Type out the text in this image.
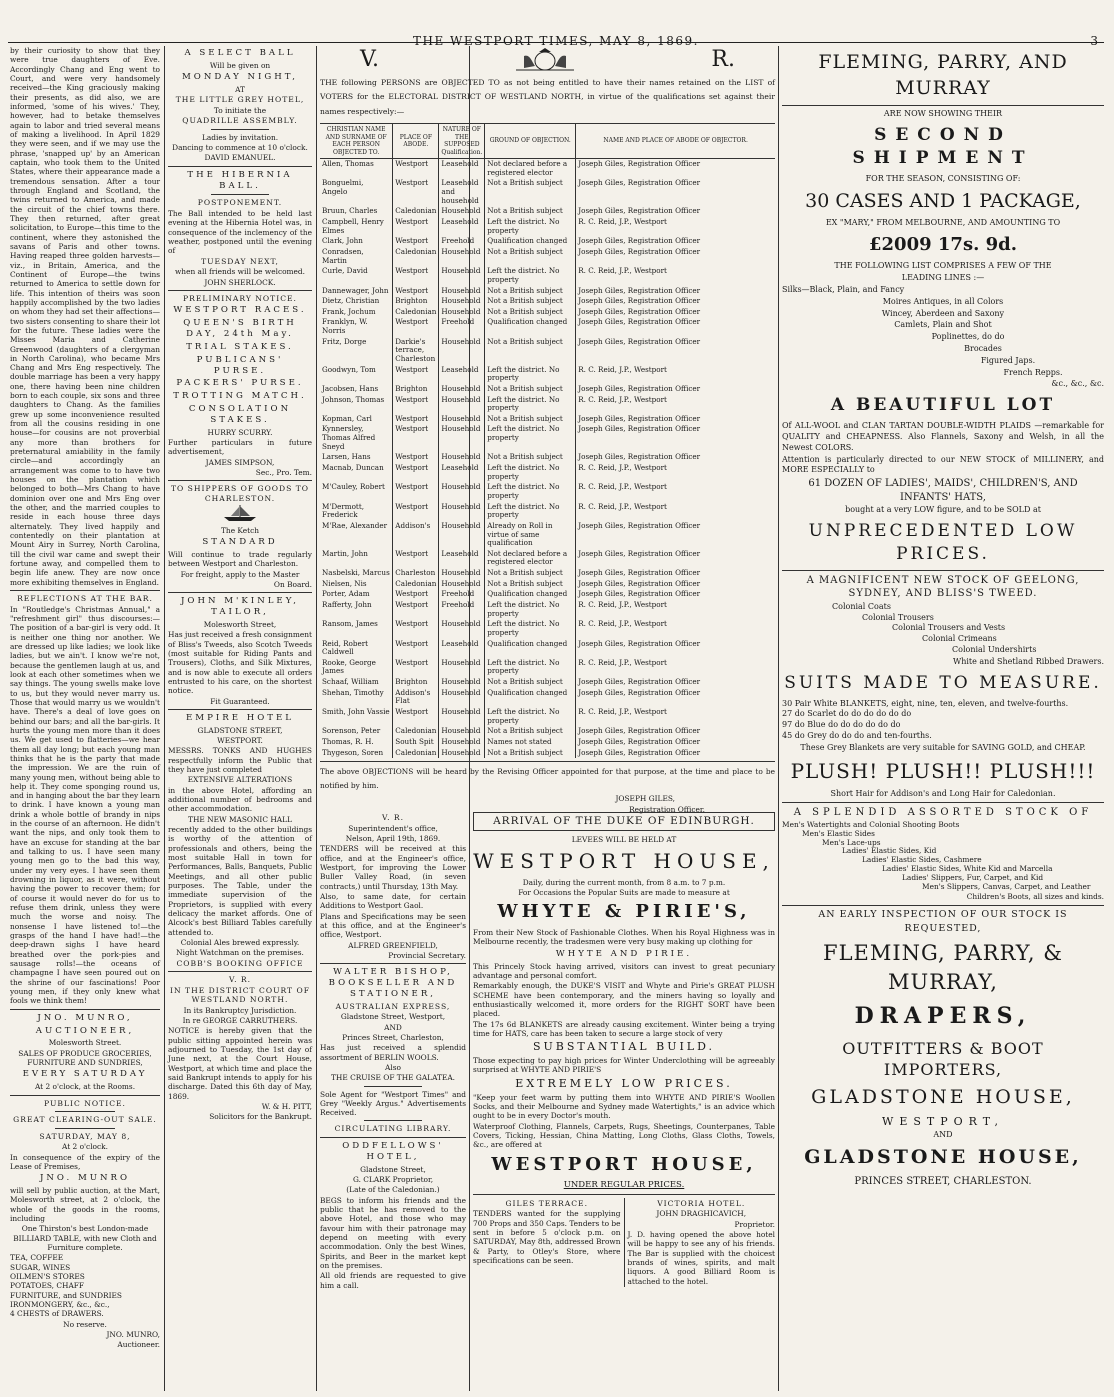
THE WESTPORT TIMES, MAY 8, 1869.	3

by their curiosity to show that they were true daughters of Eve. Accordingly Chang and Eng went to Court, and were very handsomely received—the King graciously making their presents, as did also, we are informed, 'some of his wives.' They, however, had to betake themselves again to labor and tried several means of making a livelihood. In April 1829 they were seen, and if we may use the phrase, 'snapped up' by an American captain, who took them to the United States, where their appearance made a tremendous sensation. After a tour through England and Scotland, the twins returned to America, and made the circuit of the chief towns there. They then returned, after great solicitation, to Europe—this time to the continent, where they astonished the savans of Paris and other towns. Having reaped three golden harvests—viz., in Britain, America, and the Continent of Europe—the twins returned to America to settle down for life. This intention of theirs was soon happily accomplished by the two ladies on whom they had set their affections—two sisters consenting to share their lot for the future. These ladies were the Misses Maria and Catherine Greenwood (daughters of a clergyman in North Carolina), who became Mrs Chang and Mrs Eng respectively. The double marriage has been a very happy one, there having been nine children born to each couple, six sons and three daughters to Chang. As the families grew up some inconvenience resulted from all the cousins residing in one house—for cousins are not proverbial any more than brothers for preternatural amiability in the family circle—and accordingly an arrangement was come to to have two houses on the plantation which belonged to both—Mrs Chang to have dominion over one and Mrs Eng over the other, and the married couples to reside in each house three days alternately. They lived happily and contentedly on their plantation at Mount Airy in Surrey, North Carolina, till the civil war came and swept their fortune away, and compelled them to begin life anew. They are now once more exhibiting themselves in England.

REFLECTIONS AT THE BAR.

In "Routledge's Christmas Annual," a "refreshment girl" thus discourses:—The position of a bar-girl is very odd. It is neither one thing nor another. We are dressed up like ladies; we look like ladies, but we ain't. I know we're not, because the gentlemen laugh at us, and look at each other sometimes when we say things. The young swells make love to us, but they would never marry us. Those that would marry us we wouldn't have. There's a deal of love goes on behind our bars; and all the bar-girls. It hurts the young men more than it does us. We get used to flatteries—we hear them all day long; but each young man thinks that he is the party that made the impression. We are the ruin of many young men, without being able to help it. They come sponging round us, and in hanging about the bar they learn to drink. I have known a young man drink a whole bottle of brandy in nips in the course of an afternoon. He didn't want the nips, and only took them to have an excuse for standing at the bar and talking to us. I have seen many young men go to the bad this way, under my very eyes. I have seen them drowning in liquor, as it were, without having the power to recover them; for of course it would never do for us to refuse them drink, unless they were much the worse and noisy. The nonsense I have listened to!—the grasps of the hand I have had!—the deep-drawn sighs I have heard breathed over the pork-pies and sausage rolls!—the oceans of champagne I have seen poured out on the shrine of our fascinations! Poor young men, if they only knew what fools we think them!

JNO. MUNRO,
AUCTIONEER,
Molesworth Street.
SALES OF PRODUCE GROCERIES, FURNITURE AND SUNDRIES,
EVERY SATURDAY
At 2 o'clock, at the Rooms.
PUBLIC NOTICE.
GREAT CLEARING-OUT SALE.
SATURDAY, MAY 8,
At 2 o'clock.

In consequence of the expiry of the Lease of Premises,

JNO. MUNRO

will sell by public auction, at the Mart, Molesworth street, at 2 o'clock, the whole of the goods in the rooms, including

One Thirston's best London-made BILLIARD TABLE, with new Cloth and Furniture complete.
TEA, COFFEE
SUGAR, WINES
OILMEN'S STORES
POTATOES, CHAFF
FURNITURE, and SUNDRIES
IRONMONGERY, &c., &c.,
4 CHESTS of DRAWERS.
No reserve.
JNO. MUNRO,
Auctioneer.
A SELECT BALL
Will be given on
MONDAY NIGHT,
AT
THE LITTLE GREY HOTEL,
To initiate the
QUADRILLE ASSEMBLY.
Ladies by invitation.
Dancing to commence at 10 o'clock.
DAVID EMANUEL.
THE HIBERNIA BALL.
POSTPONEMENT.

The Ball intended to be held last evening at the Hibernia Hotel was, in consequence of the inclemency of the weather, postponed until the evening of

TUESDAY NEXT,
when all friends will be welcomed.
JOHN SHERLOCK.
PRELIMINARY NOTICE.
WESTPORT RACES.
QUEEN'S BIRTH DAY, 24th May.
TRIAL STAKES.
PUBLICANS' PURSE.
PACKERS' PURSE.
TROTTING MATCH.
CONSOLATION STAKES.
HURRY SCURRY.

Further particulars in future advertisement,

JAMES SIMPSON,
Sec., Pro. Tem.
TO SHIPPERS OF GOODS TO CHARLESTON.
The Ketch
STANDARD

Will continue to trade regularly between Westport and Charleston.

For freight, apply to the Master
On Board.
JOHN M'KINLEY, TAILOR,
Molesworth Street,

Has just received a fresh consignment of Bliss's Tweeds, also Scotch Tweeds (most suitable for Riding Pants and Trousers), Cloths, and Silk Mixtures, and is now able to execute all orders entrusted to his care, on the shortest notice.

Fit Guaranteed.
EMPIRE HOTEL
GLADSTONE STREET,
WESTPORT.

MESSRS. TONKS AND HUGHES respectfully inform the Public that they have just completed

EXTENSIVE ALTERATIONS

in the above Hotel, affording an additional number of bedrooms and other accommodation.

THE NEW MASONIC HALL

recently added to the other buildings is worthy of the attention of professionals and others, being the most suitable Hall in town for Performances, Balls, Banquets, Public Meetings, and all other public purposes. The Table, under the immediate supervision of the Proprietors, is supplied with every delicacy the market affords. One of Alcock's best Billiard Tables carefully attended to.

Colonial Ales brewed expressly.
Night Watchman on the premises.
COBB'S BOOKING OFFICE
V. R.
IN THE DISTRICT COURT OF WESTLAND NORTH.
In its Bankruptcy Jurisdiction.
In re GEORGE CARRUTHERS.

NOTICE is hereby given that the public sitting appointed herein was adjourned to Tuesday, the 1st day of June next, at the Court House, Westport, at which time and place the said Bankrupt intends to apply for his discharge. Dated this 6th day of May, 1869.

W. & H. PITT,
Solicitors for the Bankrupt.
V.	R.

THE following PERSONS are OBJECTED TO as not being entitled to have their names retained on the LIST of VOTERS for the ELECTORAL DISTRICT OF WESTLAND NORTH, in virtue of the qualifications set against their names respectively:—

CHRISTIAN NAME AND SURNAME OF EACH PERSON OBJECTED TO.	PLACE OF ABODE.	NATURE OF THE SUPPOSED Qualification.	GROUND OF OBJECTION.	NAME AND PLACE OF ABODE OF OBJECTOR.
Allen, Thomas	Westport	Leasehold	Not declared before a registered elector	Joseph Giles, Registration Officer
Bonguelmi, Angelo	Westport	Leasehold and household	Not a British subject	Joseph Giles, Registration Officer
Bruun, Charles	Caledonian	Household	Not a British subject	Joseph Giles, Registration Officer
Campbell, Henry Elmes	Westport	Leasehold	Left the district. No property	R. C. Reid, J.P., Westport
Clark, John	Westport	Freehold	Qualification changed	Joseph Giles, Registration Officer
Conradsen, Martin	Caledonian	Household	Not a British subject	Joseph Giles, Registration Officer
Curle, David	Westport	Household	Left the district. No property	R. C. Reid, J.P., Westport
Dannewager, John	Westport	Household	Not a British subject	Joseph Giles, Registration Officer
Dietz, Christian	Brighton	Household	Not a British subject	Joseph Giles, Registration Officer
Frank, Jochum	Caledonian	Household	Not a British subject	Joseph Giles, Registration Officer
Franklyn, W. Norris	Westport	Freehold	Qualification changed	Joseph Giles, Registration Officer
Fritz, Dorge	Darkie's terrace, Charleston	Household	Not a British subject	Joseph Giles, Registration Officer
Goodwyn, Tom	Westport	Leasehold	Left the district. No property	R. C. Reid, J.P., Westport
Jacobsen, Hans	Brighton	Household	Not a British subject	Joseph Giles, Registration Officer
Johnson, Thomas	Westport	Household	Left the district. No property	R. C. Reid, J.P., Westport
Kopman, Carl	Westport	Household	Not a British subject	Joseph Giles, Registration Officer
Kynnersley, Thomas Alfred Sneyd	Westport	Household	Left the district. No property	Joseph Giles, Registration Officer
Larsen, Hans	Westport	Household	Not a British subject	Joseph Giles, Registration Officer
Macnab, Duncan	Westport	Leasehold	Left the district. No property	R. C. Reid, J.P., Westport
M'Cauley, Robert	Westport	Household	Left the district. No property	R. C. Reid, J.P., Westport
M'Dermott, Frederick	Westport	Household	Left the district. No property	R. C. Reid, J.P., Westport
M'Rae, Alexander	Addison's	Household	Already on Roll in virtue of same qualification	Joseph Giles, Registration Officer
Martin, John	Westport	Leasehold	Not declared before a registered elector	Joseph Giles, Registration Officer
Nasbelski, Marcus	Charleston	Household	Not a British subject	Joseph Giles, Registration Officer
Nielsen, Nis	Caledonian	Household	Not a British subject	Joseph Giles, Registration Officer
Porter, Adam	Westport	Freehold	Qualification changed	Joseph Giles, Registration Officer
Rafferty, John	Westport	Freehold	Left the district. No property	R. C. Reid, J.P., Westport
Ransom, James	Westport	Household	Left the district. No property	R. C. Reid, J.P., Westport
Reid, Robert Caldwell	Westport	Leasehold	Qualification changed	Joseph Giles, Registration Officer
Rooke, George James	Westport	Household	Left the district. No property	R. C. Reid, J.P., Westport
Schaaf, William	Brighton	Household	Not a British subject	Joseph Giles, Registration Officer
Shehan, Timothy	Addison's Flat	Household	Qualification changed	Joseph Giles, Registration Officer
Smith, John Vassie	Westport	Household	Left the district. No property	R. C. Reid, J.P., Westport
Sorenson, Peter	Caledonian	Household	Not a British subject	Joseph Giles, Registration Officer
Thomas, R. H.	South Spit	Household	Names not stated	Joseph Giles, Registration Officer
Thygeson, Soren	Caledonian	Household	Not a British subject	Joseph Giles, Registration Officer

The above OBJECTIONS will be heard by the Revising Officer appointed for that purpose, at the time and place to be notified by him.

JOSEPH GILES,
Registration Officer.
V. R.
Superintendent's office,
Nelson, April 19th, 1869.

TENDERS will be received at this office, and at the Engineer's office, Westport, for improving the Lower Buller Valley Road, (in seven contracts,) until Thursday, 13th May.

Also, to same date, for certain Additions to Westport Gaol.

Plans and Specifications may be seen at this office, and at the Engineer's office, Westport.

ALFRED GREENFIELD,
Provincial Secretary.
WALTER BISHOP, BOOKSELLER AND STATIONER,
AUSTRALIAN EXPRESS,
Gladstone Street, Westport,
AND
Princes Street, Charleston,

Has just received a splendid assortment of BERLIN WOOLS.

Also
THE CRUISE OF THE GALATEA.

Sole Agent for "Westport Times" and Grey "Weekly Argus." Advertisements Received.

CIRCULATING LIBRARY.
ODDFELLOWS' HOTEL,
Gladstone Street,
G. CLARK Proprietor,
(Late of the Caledonian.)

BEGS to inform his friends and the public that he has removed to the above Hotel, and those who may favour him with their patronage may depend on meeting with every accommodation. Only the best Wines, Spirits, and Beer in the market kept on the premises.

All old friends are requested to give him a call.

ARRIVAL OF THE DUKE OF EDINBURGH.
LEVEES WILL BE HELD AT
WESTPORT HOUSE,
Daily, during the current month, from 8 a.m. to 7 p.m.
For Occasions the Popular Suits are made to measure at
WHYTE & PIRIE'S,

From their New Stock of Fashionable Clothes. When his Royal Highness was in Melbourne recently, the tradesmen were very busy making up clothing for

WHYTE AND PIRIE.

This Princely Stock having arrived, visitors can invest to great pecuniary advantage and personal comfort.

Remarkably enough, the DUKE'S VISIT and Whyte and Pirie's GREAT PLUSH SCHEME have been contemporary, and the miners having so loyally and enthusiastically welcomed it, more orders for the RIGHT SORT have been placed.

The 17s 6d BLANKETS are already causing excitement. Winter being a trying time for HATS, care has been taken to secure a large stock of very

SUBSTANTIAL BUILD.

Those expecting to pay high prices for Winter Underclothing will be agreeably surprised at WHYTE AND PIRIE'S

EXTREMELY LOW PRICES.

"Keep your feet warm by putting them into WHYTE AND PIRIE'S Woollen Socks, and their Melbourne and Sydney made Watertights," is an advice which ought to be in every Doctor's mouth.

Waterproof Clothing, Flannels, Carpets, Rugs, Sheetings, Counterpanes, Table Covers, Ticking, Hessian, China Matting, Long Cloths, Glass Cloths, Towels, &c., are offered at

WESTPORT HOUSE,
UNDER REGULAR PRICES.
GILES TERRACE.

TENDERS wanted for the supplying 700 Props and 350 Caps. Tenders to be sent in before 5 o'clock p.m. on SATURDAY, May 8th, addressed Brown & Party, to Otley's Store, where specifications can be seen.

VICTORIA HOTEL.
JOHN DRAGHICAVICH,
Proprietor.

J. D. having opened the above hotel will be happy to see any of his friends. The Bar is supplied with the choicest brands of wines, spirits, and malt liquors. A good Billiard Room is attached to the hotel.

FLEMING, PARRY, AND MURRAY
ARE NOW SHOWING THEIR
SECOND SHIPMENT
FOR THE SEASON, CONSISTING OF:
30 CASES AND 1 PACKAGE,
EX "MARY," FROM MELBOURNE, AND AMOUNTING TO
£2009 17s. 9d.
THE FOLLOWING LIST COMPRISES A FEW OF THE
LEADING LINES :—
Silks—Black, Plain, and Fancy
Moires Antiques, in all Colors
Wincey, Aberdeen and Saxony
Camlets, Plain and Shot
Poplinettes, do do
Brocades
Figured Japs.
French Repps.
&c., &c., &c.
A BEAUTIFUL LOT

Of ALL-WOOL and CLAN TARTAN DOUBLE-WIDTH PLAIDS —remarkable for QUALITY and CHEAPNESS. Also Flannels, Saxony and Welsh, in all the Newest COLORS.

Attention is particularly directed to our NEW STOCK of MILLINERY, and MORE ESPECIALLY to

61 DOZEN OF LADIES', MAIDS', CHILDREN'S, AND INFANTS' HATS,
bought at a very LOW figure, and to be SOLD at
UNPRECEDENTED LOW PRICES.
A MAGNIFICENT NEW STOCK OF GEELONG, SYDNEY, AND BLISS'S TWEED.
Colonial Coats
Colonial Trousers
Colonial Trousers and Vests
Colonial Crimeans
Colonial Undershirts
White and Shetland Ribbed Drawers.
SUITS MADE TO MEASURE.
30 Pair White BLANKETS, eight, nine, ten, eleven, and twelve-fourths.
27 do Scarlet do do do do do do
97 do Blue do do do do do do
45 do Grey do do do and ten-fourths.
These Grey Blankets are very suitable for SAVING GOLD, and CHEAP.
PLUSH! PLUSH!! PLUSH!!!
Short Hair for Addison's and Long Hair for Caledonian.
A SPLENDID ASSORTED STOCK OF
Men's Watertights and Colonial Shooting Boots
Men's Elastic Sides
Men's Lace-ups
Ladies' Elastic Sides, Kid
Ladies' Elastic Sides, Cashmere
Ladies' Elastic Sides, White Kid and Marcella
Ladies' Slippers, Fur, Carpet, and Kid
Men's Slippers, Canvas, Carpet, and Leather
Children's Boots, all sizes and kinds.
AN EARLY INSPECTION OF OUR STOCK IS
REQUESTED,
FLEMING, PARRY, & MURRAY,
DRAPERS,
OUTFITTERS & BOOT IMPORTERS,
GLADSTONE HOUSE,
WESTPORT,
AND
GLADSTONE HOUSE,
PRINCES STREET, CHARLESTON.
